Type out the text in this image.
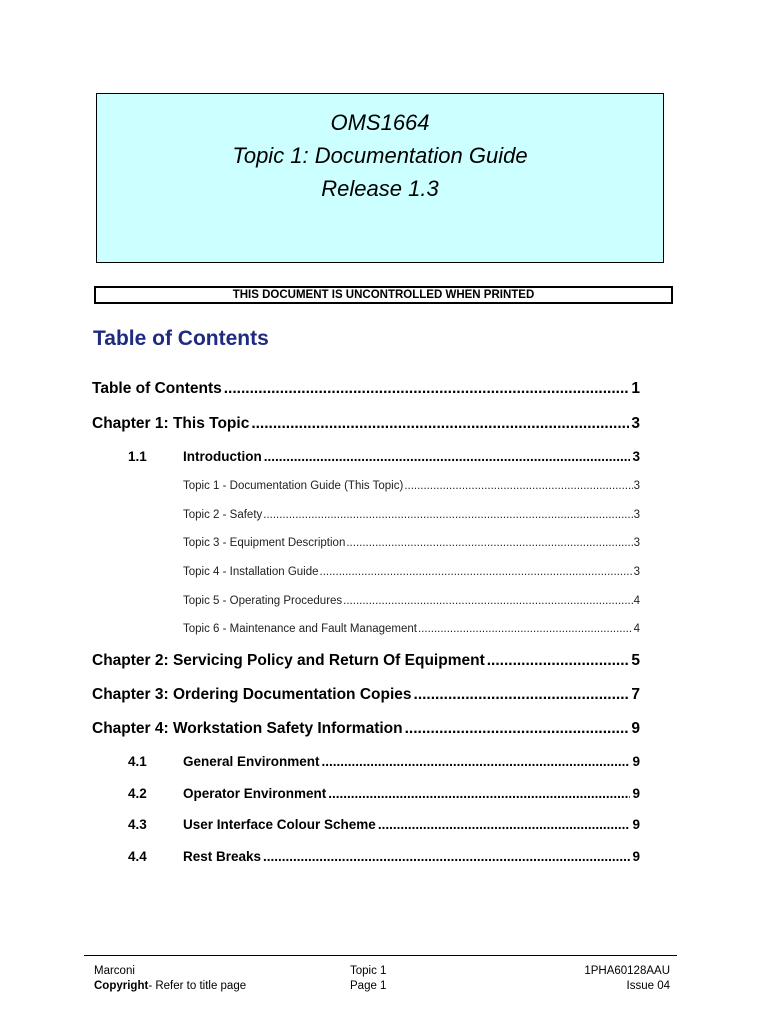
OMS1664
Topic 1: Documentation Guide
Release 1.3
THIS DOCUMENT IS UNCONTROLLED WHEN PRINTED
Table of Contents
Table of Contents .....	1
Chapter 1: This Topic .....	3
1.1	Introduction .....	3
Topic 1 - Documentation Guide (This Topic) .....	3
Topic 2 - Safety .....	3
Topic 3 - Equipment Description .....	3
Topic 4 - Installation Guide .....	3
Topic 5 - Operating Procedures .....	4
Topic 6 - Maintenance and Fault Management .....	4
Chapter 2: Servicing Policy and Return Of Equipment .....	5
Chapter 3: Ordering Documentation Copies .....	7
Chapter 4: Workstation Safety Information .....	9
4.1	General Environment .....	9
4.2	Operator Environment .....	9
4.3	User Interface Colour Scheme .....	9
4.4	Rest Breaks .....	9
Marconi
Copyright- Refer to title page
Topic 1
Page 1
1PHA60128AAU
Issue 04
